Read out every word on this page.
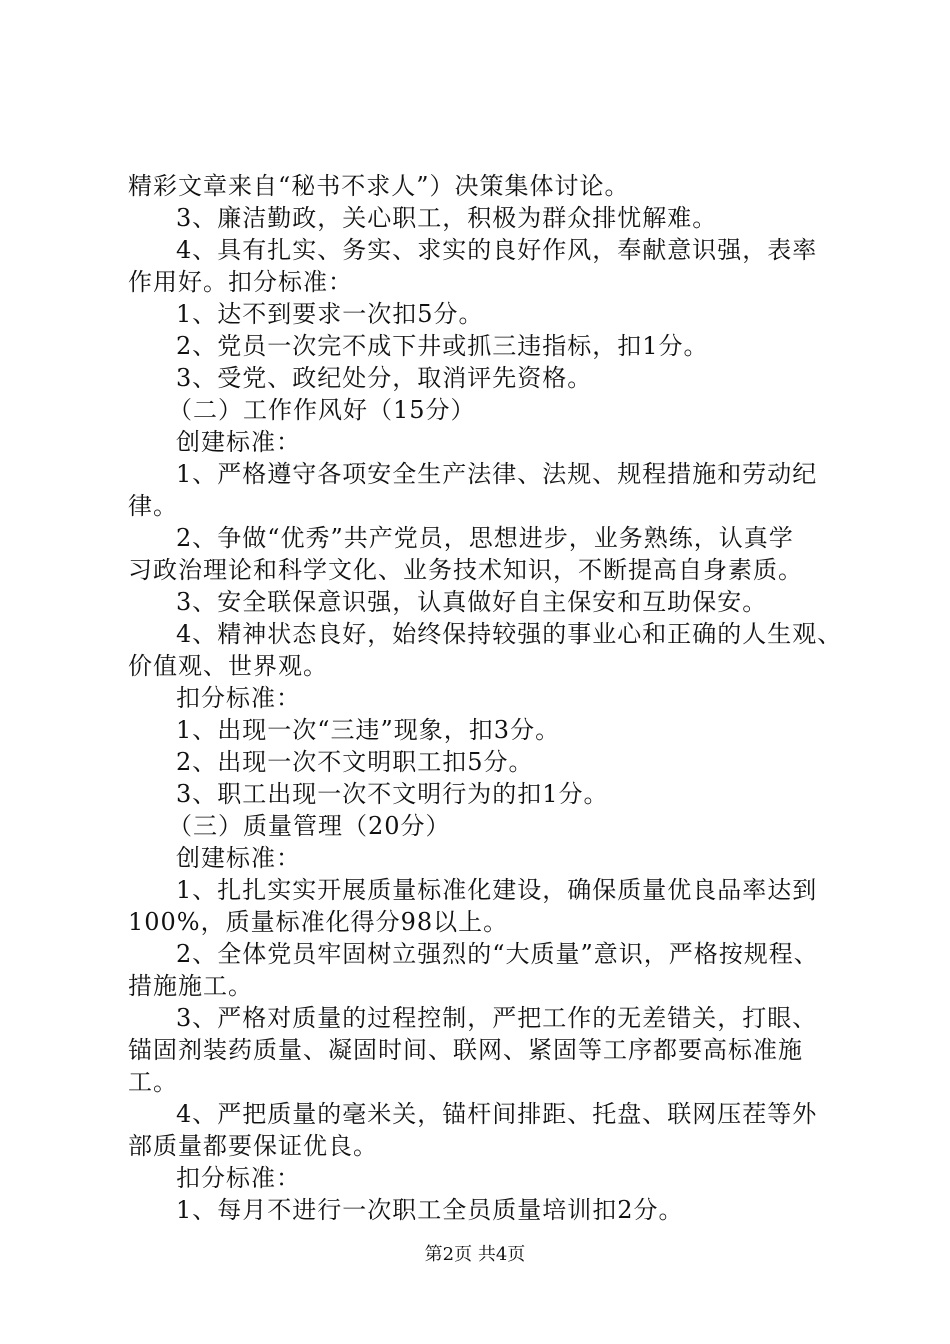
精彩文章来自“秘书不求人”）决策集体讨论。
3、廉洁勤政，关心职工，积极为群众排忧解难。
4、具有扎实、务实、求实的良好作风，奉献意识强，表率
作用好。扣分标准：
1、达不到要求一次扣5分。
2、党员一次完不成下井或抓三违指标，扣1分。
3、受党、政纪处分，取消评先资格。
（二）工作作风好（15分）
创建标准：
1、严格遵守各项安全生产法律、法规、规程措施和劳动纪
律。
2、争做“优秀”共产党员，思想进步，业务熟练，认真学
习政治理论和科学文化、业务技术知识，不断提高自身素质。
3、安全联保意识强，认真做好自主保安和互助保安。
4、精神状态良好，始终保持较强的事业心和正确的人生观、
价值观、世界观。
扣分标准：
1、出现一次“三违”现象，扣3分。
2、出现一次不文明职工扣5分。
3、职工出现一次不文明行为的扣1分。
（三）质量管理（20分）
创建标准：
1、扎扎实实开展质量标准化建设，确保质量优良品率达到
100%，质量标准化得分98以上。
2、全体党员牢固树立强烈的“大质量”意识，严格按规程、
措施施工。
3、严格对质量的过程控制，严把工作的无差错关，打眼、
锚固剂装药质量、凝固时间、联网、紧固等工序都要高标准施
工。
4、严把质量的毫米关，锚杆间排距、托盘、联网压茬等外
部质量都要保证优良。
扣分标准：
1、每月不进行一次职工全员质量培训扣2分。
第2页 共4页
